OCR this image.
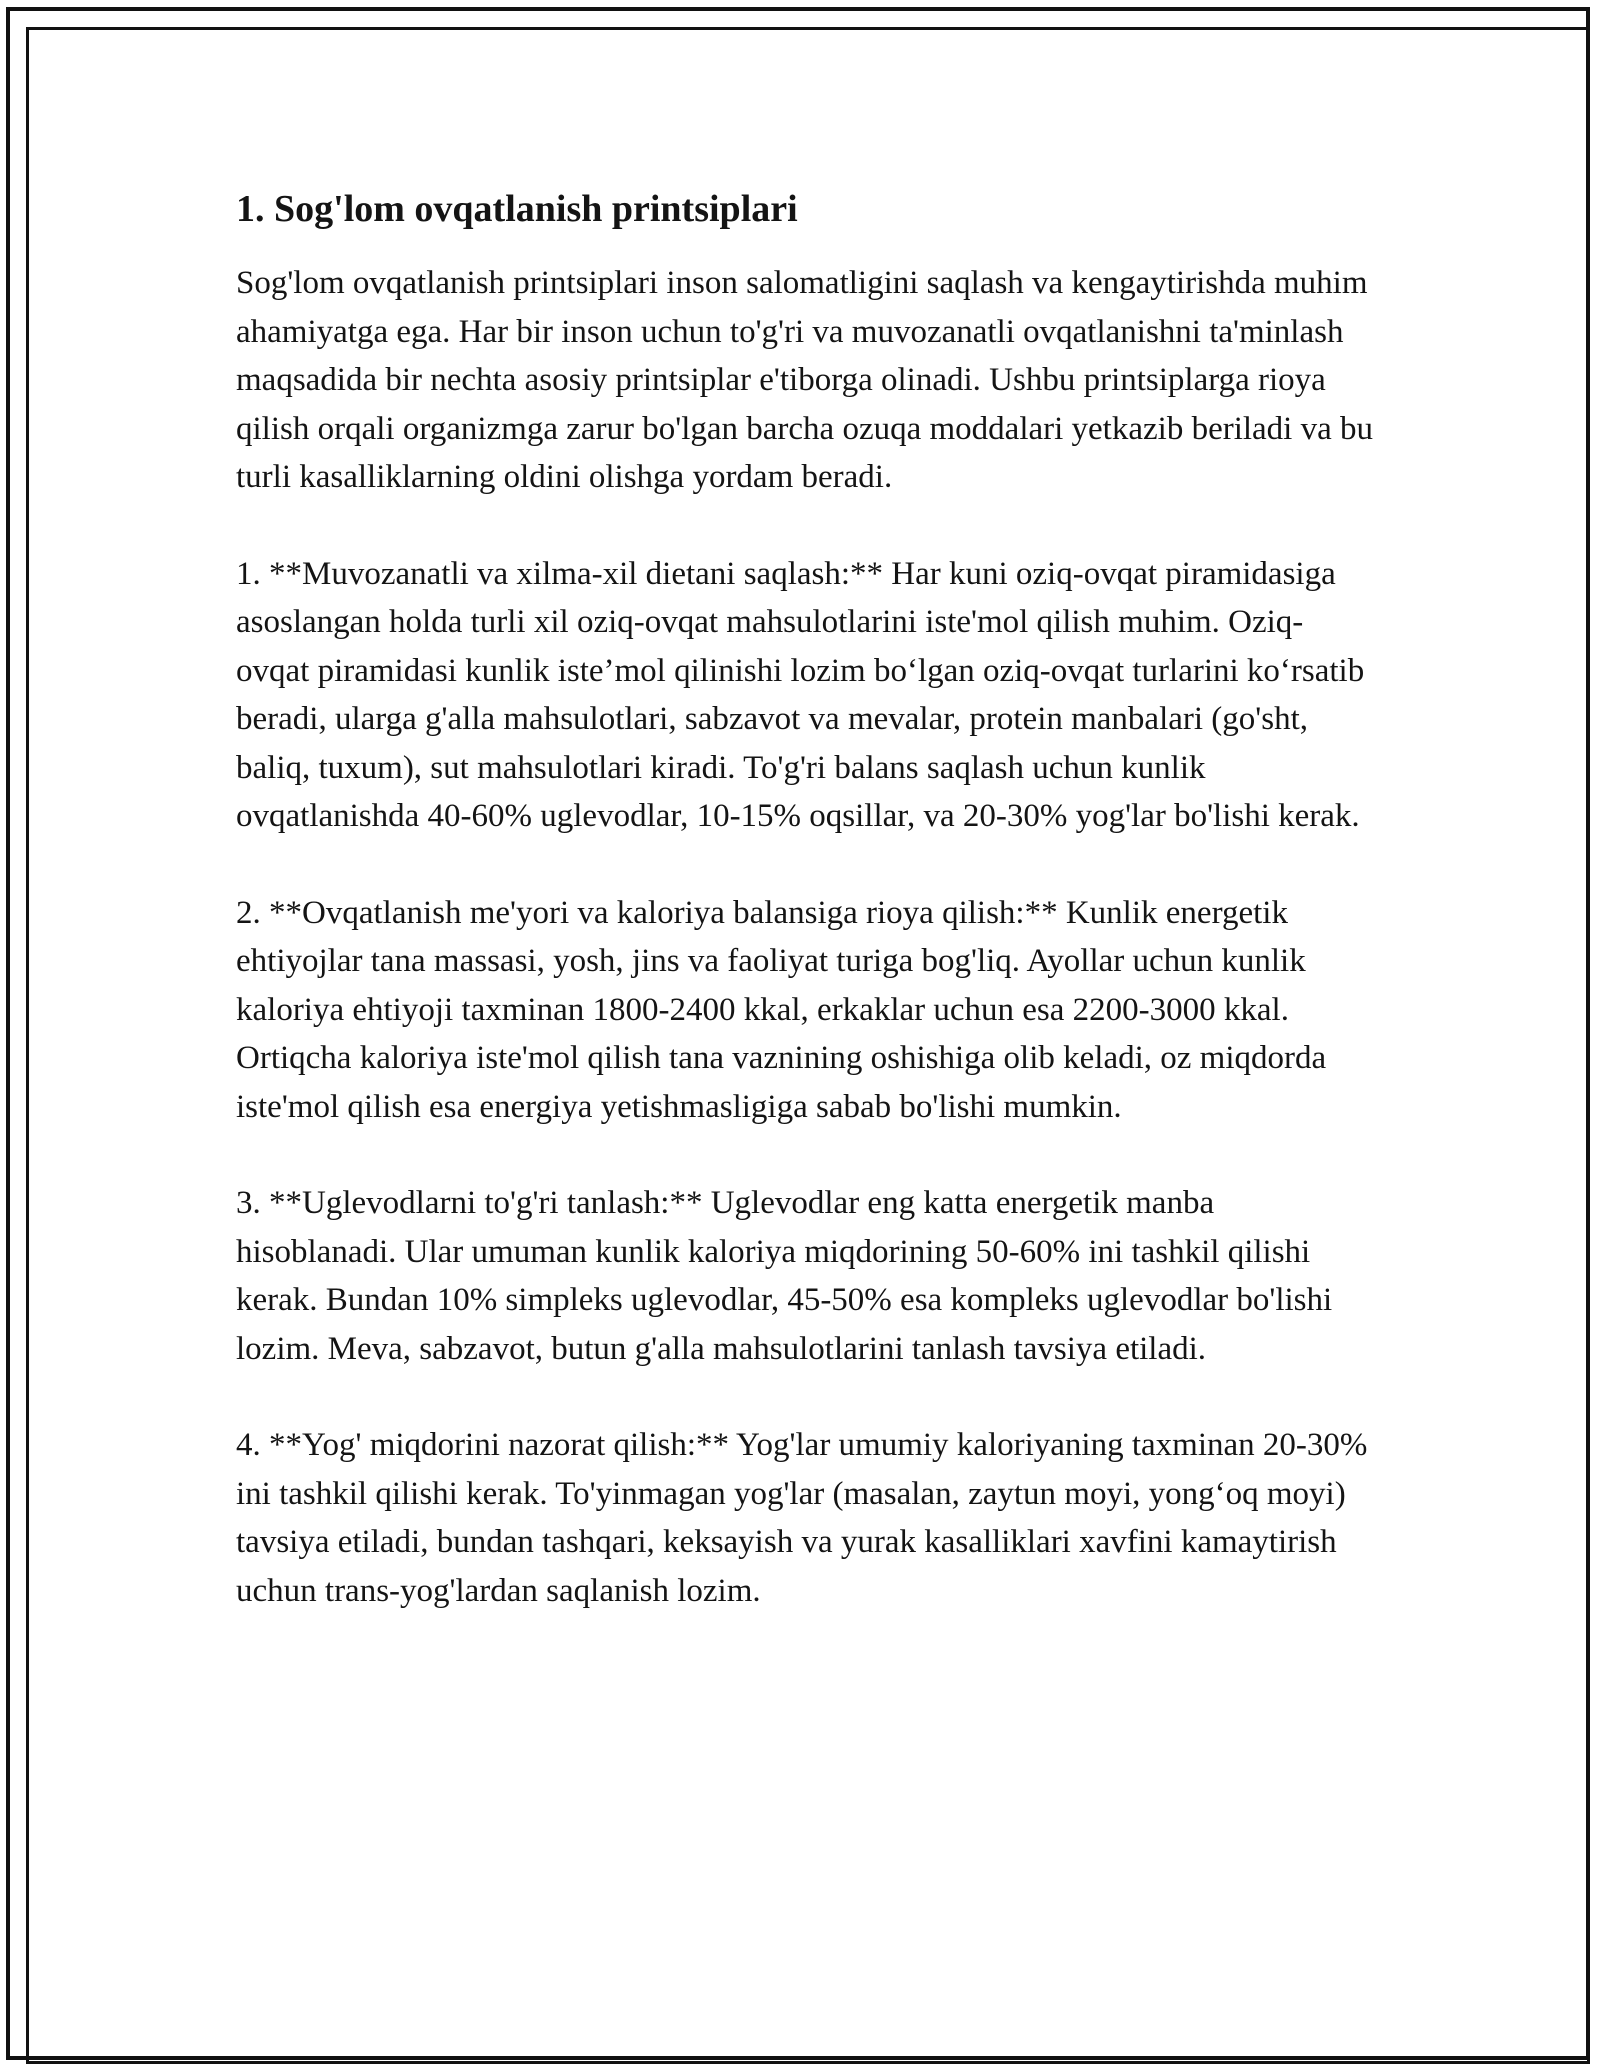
1. Sog'lom ovqatlanish printsiplari

Sog'lom ovqatlanish printsiplari inson salomatligini saqlash va kengaytirishda muhim ahamiyatga ega. Har bir inson uchun to'g'ri va muvozanatli ovqatlanishni ta'minlash maqsadida bir nechta asosiy printsiplar e'tiborga olinadi. Ushbu printsiplarga rioya qilish orqali organizmga zarur bo'lgan barcha ozuqa moddalari yetkazib beriladi va bu turli kasalliklarning oldini olishga yordam beradi.

1. **Muvozanatli va xilma-xil dietani saqlash:** Har kuni oziq-ovqat piramidasiga asoslangan holda turli xil oziq-ovqat mahsulotlarini iste'mol qilish muhim. Oziq-ovqat piramidasi kunlik iste’mol qilinishi lozim bo‘lgan oziq-ovqat turlarini ko‘rsatib beradi, ularga g'alla mahsulotlari, sabzavot va mevalar, protein manbalari (go'sht, baliq, tuxum), sut mahsulotlari kiradi. To'g'ri balans saqlash uchun kunlik ovqatlanishda 40-60% uglevodlar, 10-15% oqsillar, va 20-30% yog'lar bo'lishi kerak.

2. **Ovqatlanish me'yori va kaloriya balansiga rioya qilish:** Kunlik energetik ehtiyojlar tana massasi, yosh, jins va faoliyat turiga bog'liq. Ayollar uchun kunlik kaloriya ehtiyoji taxminan 1800-2400 kkal, erkaklar uchun esa 2200-3000 kkal. Ortiqcha kaloriya iste'mol qilish tana vaznining oshishiga olib keladi, oz miqdorda iste'mol qilish esa energiya yetishmasligiga sabab bo'lishi mumkin.

3. **Uglevodlarni to'g'ri tanlash:** Uglevodlar eng katta energetik manba hisoblanadi. Ular umuman kunlik kaloriya miqdorining 50-60% ini tashkil qilishi kerak. Bundan 10% simpleks uglevodlar, 45-50% esa kompleks uglevodlar bo'lishi lozim. Meva, sabzavot, butun g'alla mahsulotlarini tanlash tavsiya etiladi.

4. **Yog' miqdorini nazorat qilish:** Yog'lar umumiy kaloriyaning taxminan 20-30% ini tashkil qilishi kerak. To'yinmagan yog'lar (masalan, zaytun moyi, yong‘oq moyi) tavsiya etiladi, bundan tashqari, keksayish va yurak kasalliklari xavfini kamaytirish uchun trans-yog'lardan saqlanish lozim.
